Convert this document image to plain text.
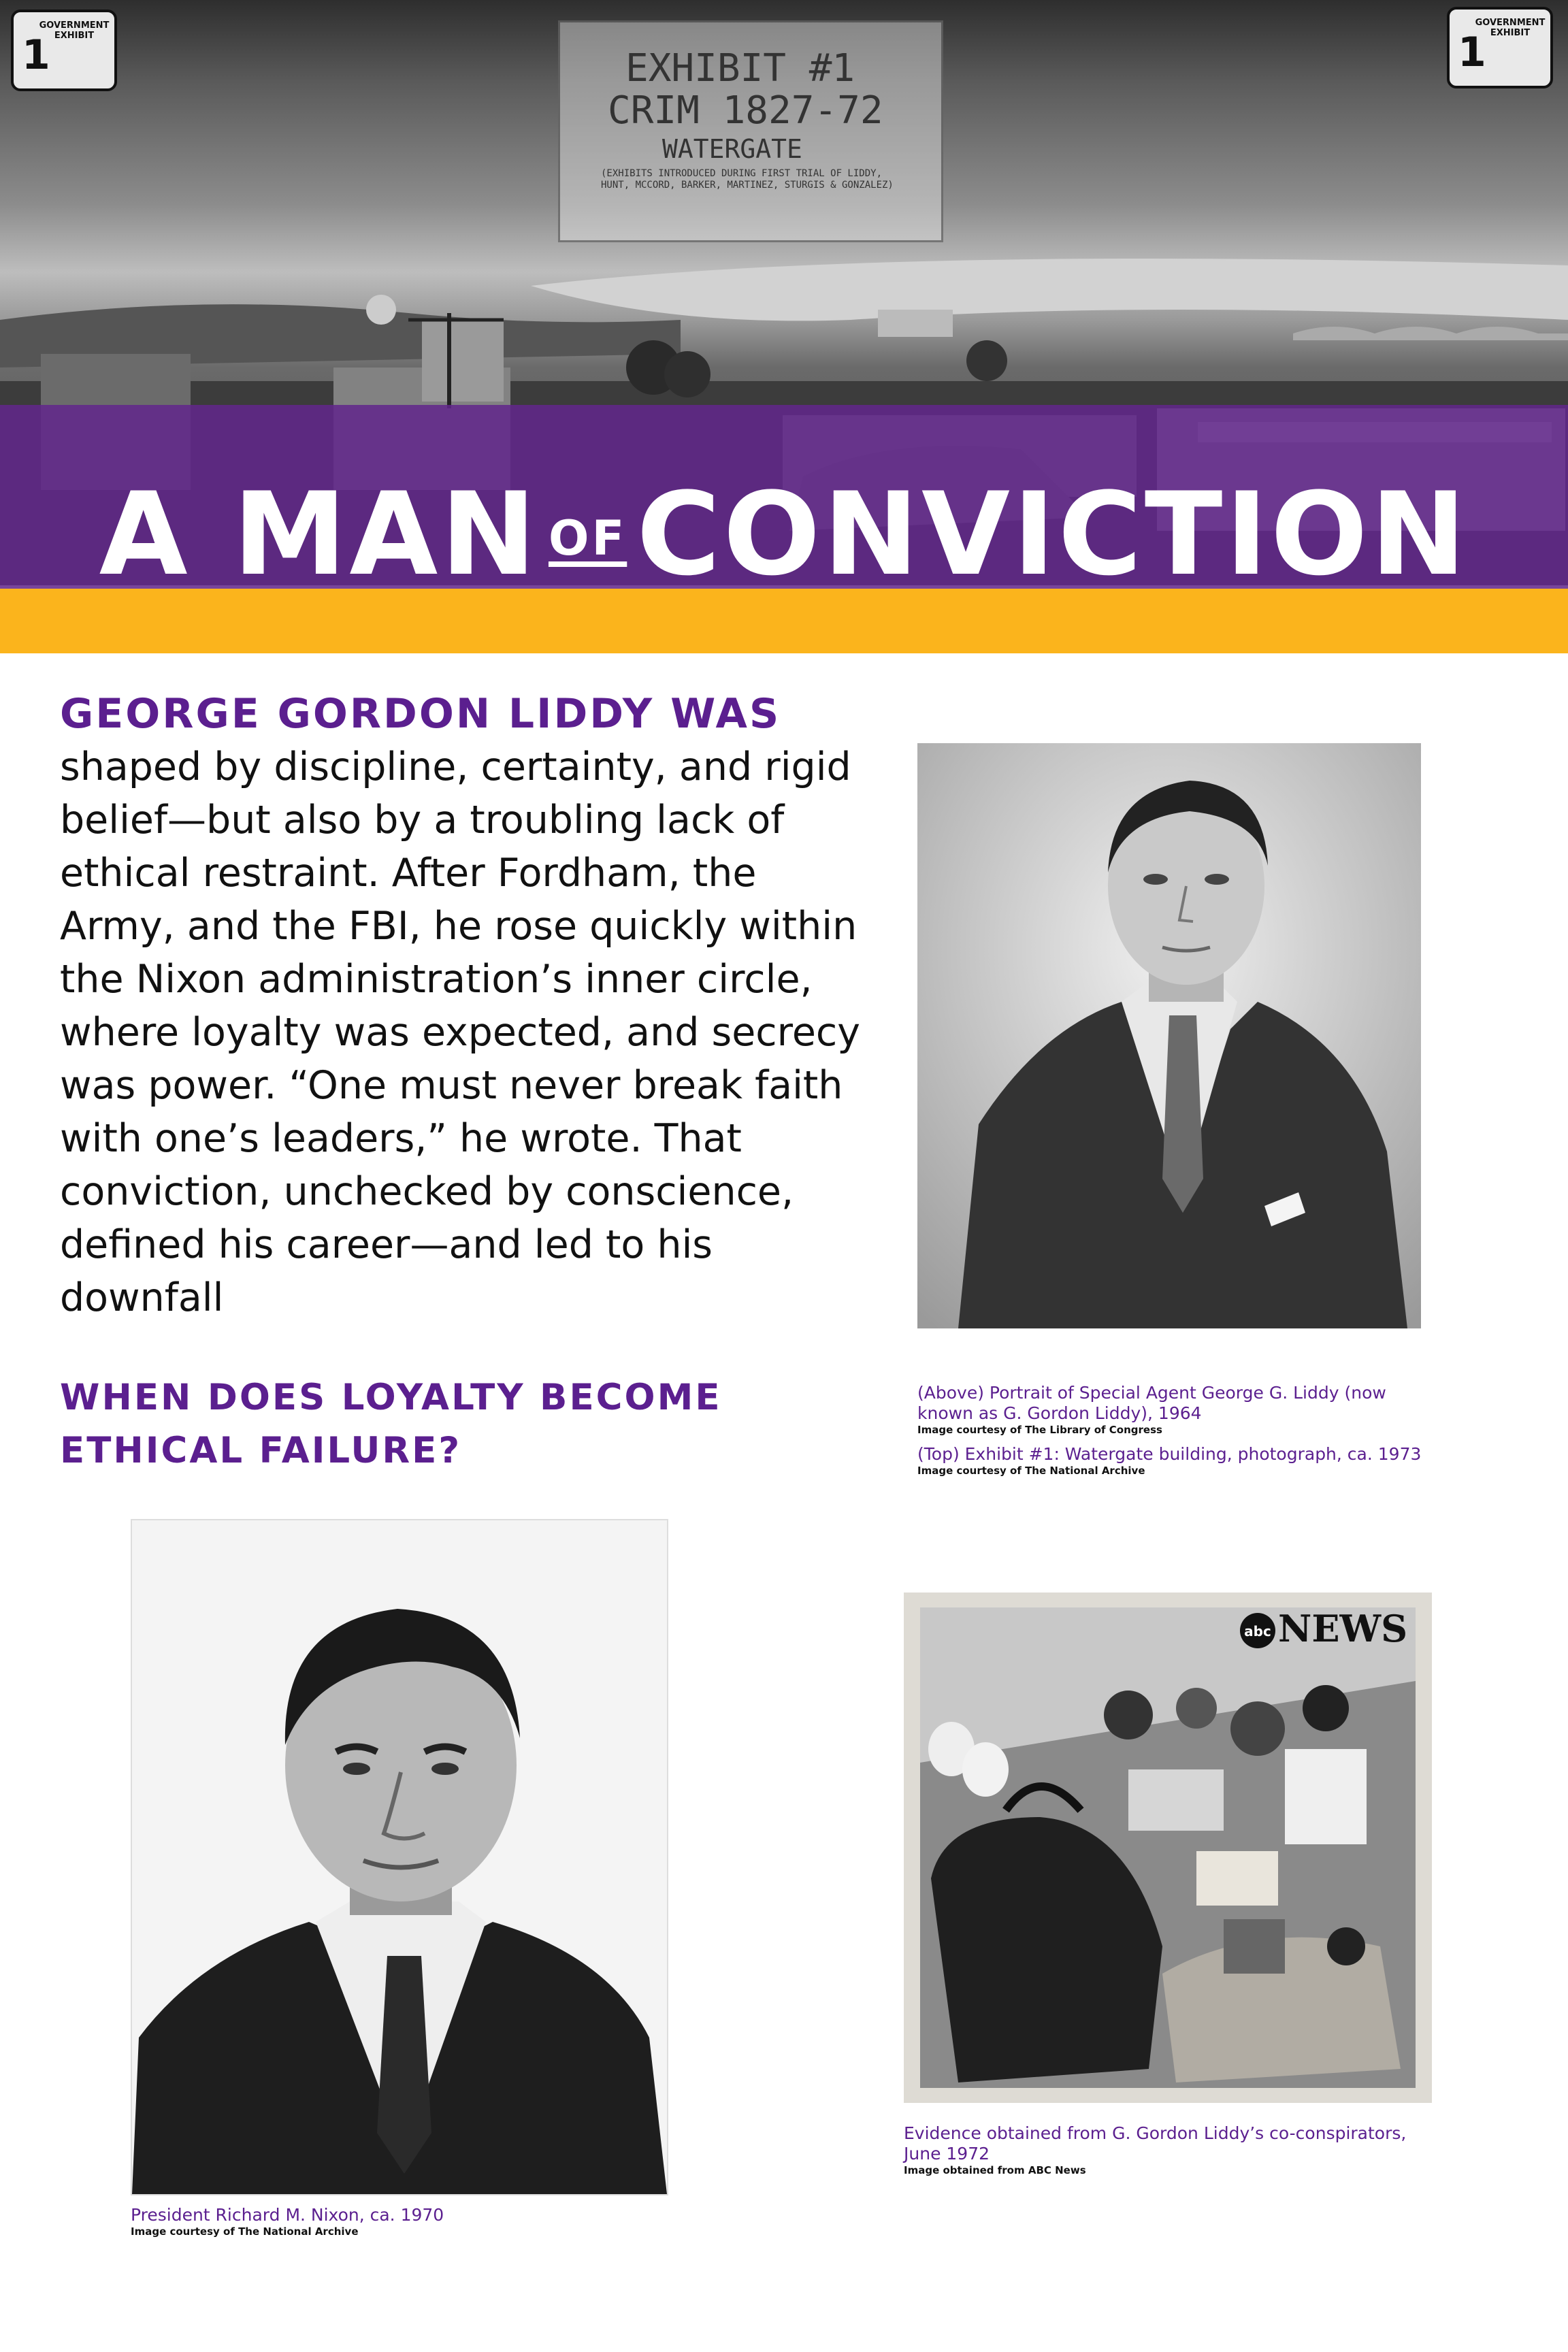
GOVERNMENT EXHIBIT
1
GOVERNMENT EXHIBIT
1
EXHIBIT #1
CRIM 1827-72
WATERGATE
(EXHIBITS INTRODUCED DURING FIRST TRIAL OF LIDDY, HUNT, MCCORD, BARKER, MARTINEZ, STURGIS & GONZALEZ)
A MAN OFCONVICTION
GEORGE GORDON LIDDY WAS
shaped by discipline, certainty, and rigid belief—but also by a troubling lack of ethical restraint. After Fordham, the Army, and the FBI, he rose quickly within the Nixon administration’s inner circle, where loyalty was expected, and secrecy was power. “One must never break faith with one’s leaders,” he wrote. That conviction, unchecked by conscience, defined his career—and led to his downfall
WHEN DOES LOYALTY BECOME ETHICAL FAILURE?
(Above) Portrait of Special Agent George G. Liddy (now known as G. Gordon Liddy), 1964
Image courtesy of The Library of Congress
(Top) Exhibit #1: Watergate building, photograph, ca. 1973
Image courtesy of The National Archive
President Richard M. Nixon, ca. 1970
Image courtesy of The National Archive
abc NEWS
Evidence obtained from G. Gordon Liddy’s co-conspirators, June 1972
Image obtained from ABC News
